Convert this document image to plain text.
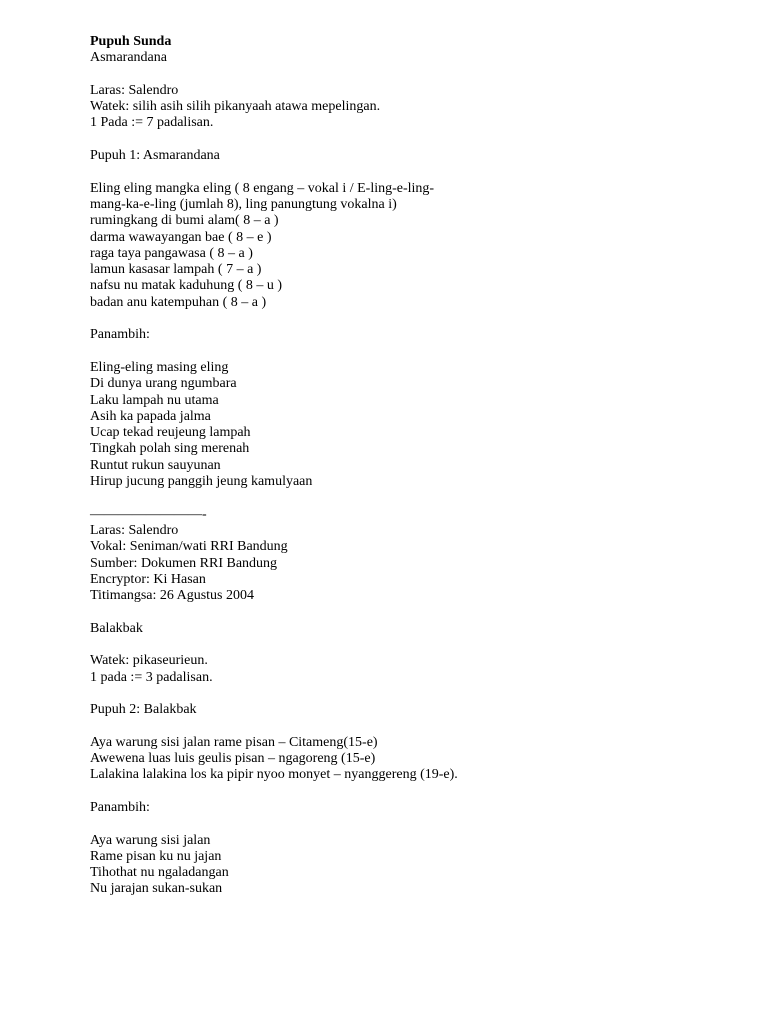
Pupuh Sunda
Asmarandana
Laras: Salendro
Watek: silih asih silih pikanyaah atawa mepelingan.
1 Pada := 7 padalisan.
Pupuh 1: Asmarandana
Eling eling mangka eling ( 8 engang – vokal i / E-ling-e-ling-
mang-ka-e-ling (jumlah 8), ling panungtung vokalna i)
rumingkang di bumi alam( 8 – a )
darma wawayangan bae ( 8 – e )
raga taya pangawasa ( 8 – a )
lamun kasasar lampah ( 7 – a )
nafsu nu matak kaduhung ( 8 – u )
badan anu katempuhan ( 8 – a )
Panambih:
Eling-eling masing eling
Di dunya urang ngumbara
Laku lampah nu utama
Asih ka papada jalma
Ucap tekad reujeung lampah
Tingkah polah sing merenah
Runtut rukun sauyunan
Hirup jucung panggih jeung kamulyaan
————————-
Laras: Salendro
Vokal: Seniman/wati RRI Bandung
Sumber: Dokumen RRI Bandung
Encryptor: Ki Hasan
Titimangsa: 26 Agustus 2004
Balakbak
Watek: pikaseurieun.
1 pada := 3 padalisan.
Pupuh 2: Balakbak
Aya warung sisi jalan rame pisan – Citameng(15-e)
Awewena luas luis geulis pisan – ngagoreng (15-e)
Lalakina lalakina los ka pipir nyoo monyet – nyanggereng (19-e).
Panambih:
Aya warung sisi jalan
Rame pisan ku nu jajan
Tihothat nu ngaladangan
Nu jarajan sukan-sukan
